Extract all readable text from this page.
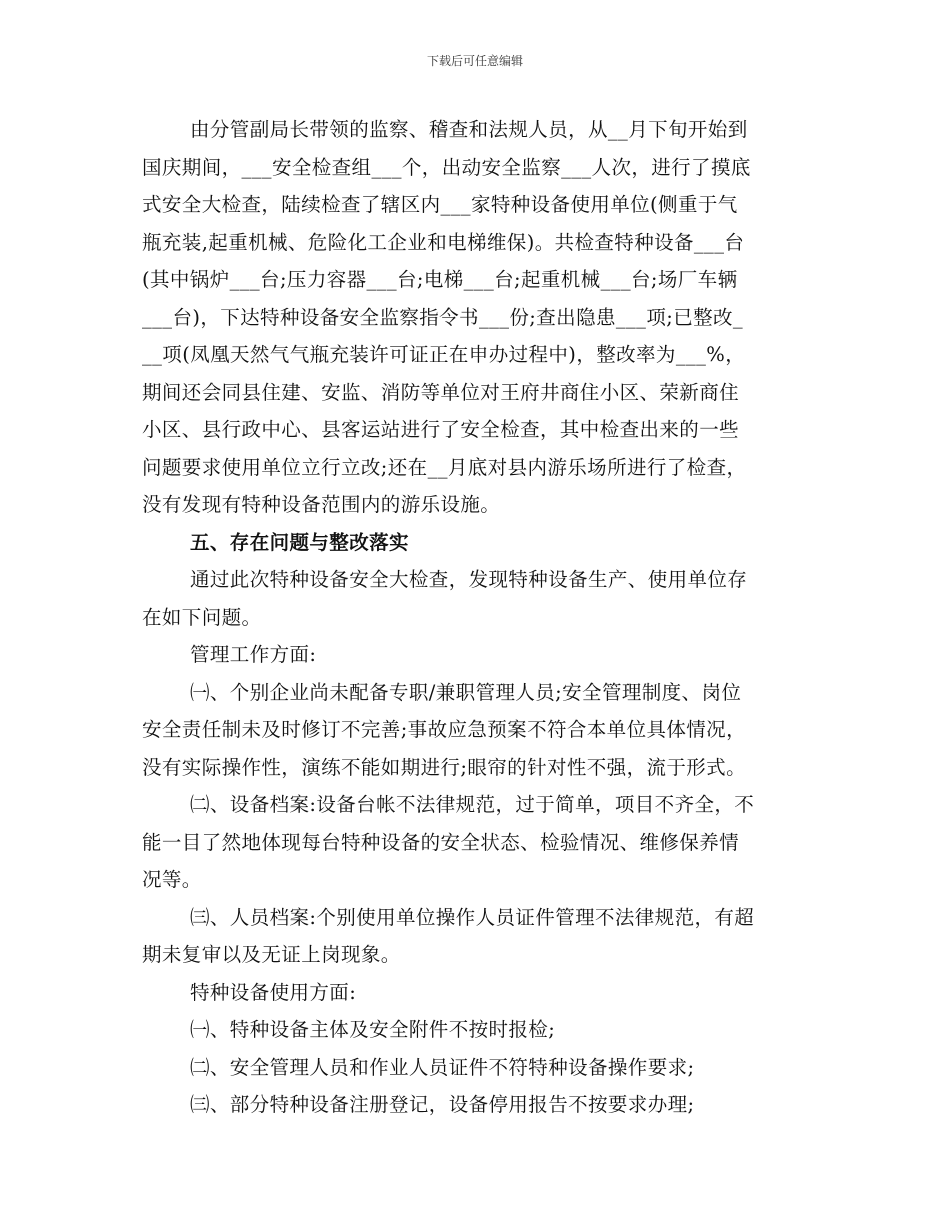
下载后可任意编辑

由分管副局长带领的监察、稽查和法规人员，从__月下旬开始到

国庆期间，___安全检查组___个，出动安全监察___人次，进行了摸底

式安全大检查，陆续检查了辖区内___家特种设备使用单位(侧重于气

瓶充装,起重机械、危险化工企业和电梯维保)。共检查特种设备___台

(其中锅炉___台;压力容器___台;电梯___台;起重机械___台;场厂车辆

___台)，下达特种设备安全监察指令书___份;查出隐患___项;已整改_

__项(凤凰天然气气瓶充装许可证正在申办过程中)，整改率为___%，

期间还会同县住建、安监、消防等单位对王府井商住小区、荣新商住

小区、县行政中心、县客运站进行了安全检查，其中检查出来的一些

问题要求使用单位立行立改;还在__月底对县内游乐场所进行了检查，

没有发现有特种设备范围内的游乐设施。

五、存在问题与整改落实

通过此次特种设备安全大检查，发现特种设备生产、使用单位存

在如下问题。

管理工作方面:

㈠、个别企业尚未配备专职/兼职管理人员;安全管理制度、岗位

安全责任制未及时修订不完善;事故应急预案不符合本单位具体情况，

没有实际操作性，演练不能如期进行;眼帘的针对性不强，流于形式。

㈡、设备档案:设备台帐不法律规范，过于简单，项目不齐全，不

能一目了然地体现每台特种设备的安全状态、检验情况、维修保养情

况等。

㈢、人员档案:个别使用单位操作人员证件管理不法律规范，有超

期未复审以及无证上岗现象。

特种设备使用方面:

㈠、特种设备主体及安全附件不按时报检;

㈡、安全管理人员和作业人员证件不符特种设备操作要求;

㈢、部分特种设备注册登记，设备停用报告不按要求办理;
